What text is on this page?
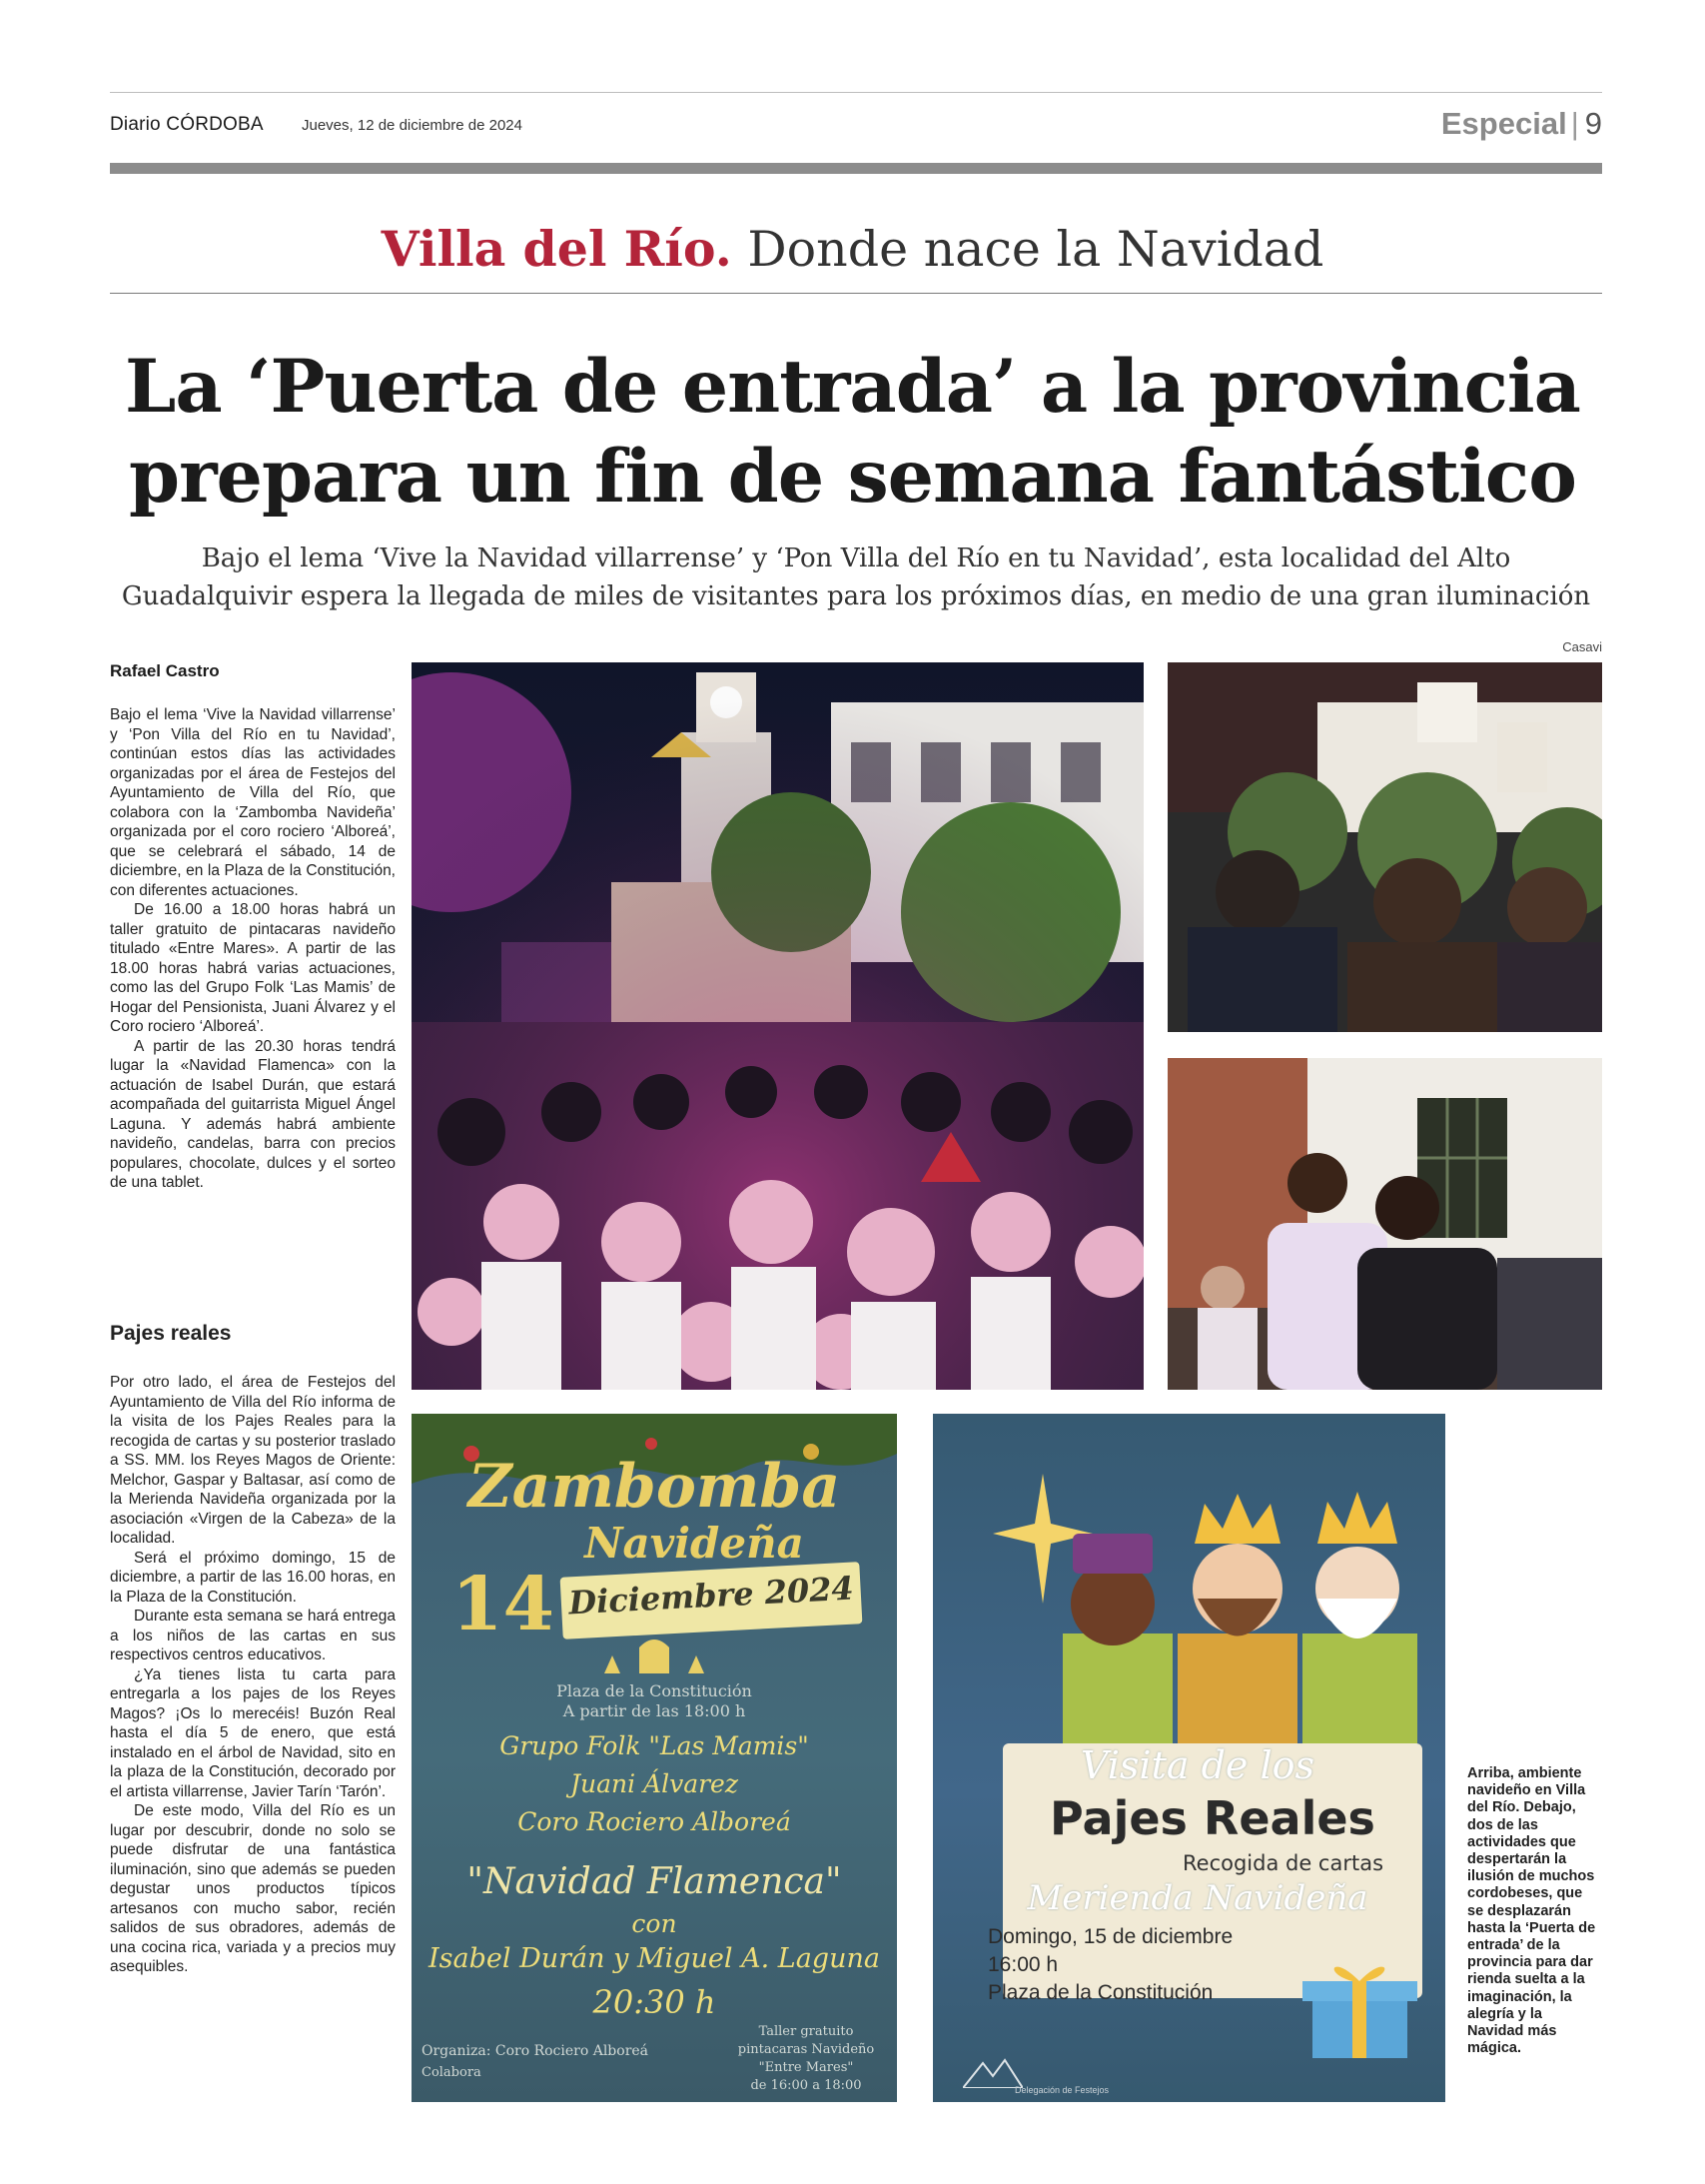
Diario CÓRDOBA	Jueves, 12 de diciembre de 2024	Especial | 9
Villa del Río. Donde nace la Navidad
La ‘Puerta de entrada’ a la provincia
prepara un fin de semana fantástico
Bajo el lema ‘Vive la Navidad villarrense’ y ‘Pon Villa del Río en tu Navidad’, esta localidad del Alto
Guadalquivir espera la llegada de miles de visitantes para los próximos días, en medio de una gran iluminación
Rafael Castro

Bajo el lema ‘Vive la Navidad villarrense’ y ‘Pon Villa del Río en tu Navidad’, continúan estos días las actividades organizadas por el área de Festejos del Ayuntamiento de Villa del Río, que colabora con la ‘Zambomba Navideña’ organizada por el coro rociero ‘Alboreá’, que se celebrará el sábado, 14 de diciembre, en la Plaza de la Constitución, con diferentes actuaciones.

De 16.00 a 18.00 horas habrá un taller gratuito de pintacaras navideño titulado «Entre Mares». A partir de las 18.00 horas habrá varias actuaciones, como las del Grupo Folk ‘Las Mamis’ de Hogar del Pensionista, Juani Álvarez y el Coro rociero ‘Alboreá’.

A partir de las 20.30 horas tendrá lugar la «Navidad Flamenca» con la actuación de Isabel Durán, que estará acompañada del guitarrista Miguel Ángel Laguna. Y además habrá ambiente navideño, candelas, barra con precios populares, chocolate, dulces y el sorteo de una tablet.

Pajes reales

Por otro lado, el área de Festejos del Ayuntamiento de Villa del Río informa de la visita de los Pajes Reales para la recogida de cartas y su posterior traslado a SS. MM. los Reyes Magos de Oriente: Melchor, Gaspar y Baltasar, así como de la Merienda Navideña organizada por la asociación «Virgen de la Cabeza» de la localidad.

Será el próximo domingo, 15 de diciembre, a partir de las 16.00 horas, en la Plaza de la Constitución.

Durante esta semana se hará entrega a los niños de las cartas en sus respectivos centros educativos.

¿Ya tienes lista tu carta para entregarla a los pajes de los Reyes Magos? ¡Os lo merecéis! Buzón Real hasta el día 5 de enero, que está instalado en el árbol de Navidad, sito en la plaza de la Constitución, decorado por el artista villarrense, Javier Tarín ‘Tarón’.

De este modo, Villa del Río es un lugar por descubrir, donde no solo se puede disfrutar de una fantástica iluminación, sino que además se pueden degustar unos productos típicos artesanos con mucho sabor, recién salidos de sus obradores, además de una cocina rica, variada y a precios muy asequibles.

Casavi
Zambomba
Navideña
14 Diciembre 2024
Plaza de la Constitución
A partir de las 18:00 h
Grupo Folk "Las Mamis"
Juani Álvarez
Coro Rociero Alboreá
"Navidad Flamenca"
con
Isabel Durán y Miguel A. Laguna
20:30 h
Organiza: Coro Rociero Alboreá
Colabora
Taller gratuito
pintacaras Navideño
"Entre Mares"
de 16:00 a 18:00
Visita de los
Pajes Reales
Recogida de cartas
Merienda Navideña
Domingo, 15 de diciembre
16:00 h
Plaza de la Constitución
Delegación de Festejos
Arriba, ambiente navideño en Villa del Río. Debajo, dos de las actividades que despertarán la ilusión de muchos cordobeses, que se desplazarán hasta la ‘Puerta de entrada’ de la provincia para dar rienda suelta a la imaginación, la alegría y la Navidad más mágica.
